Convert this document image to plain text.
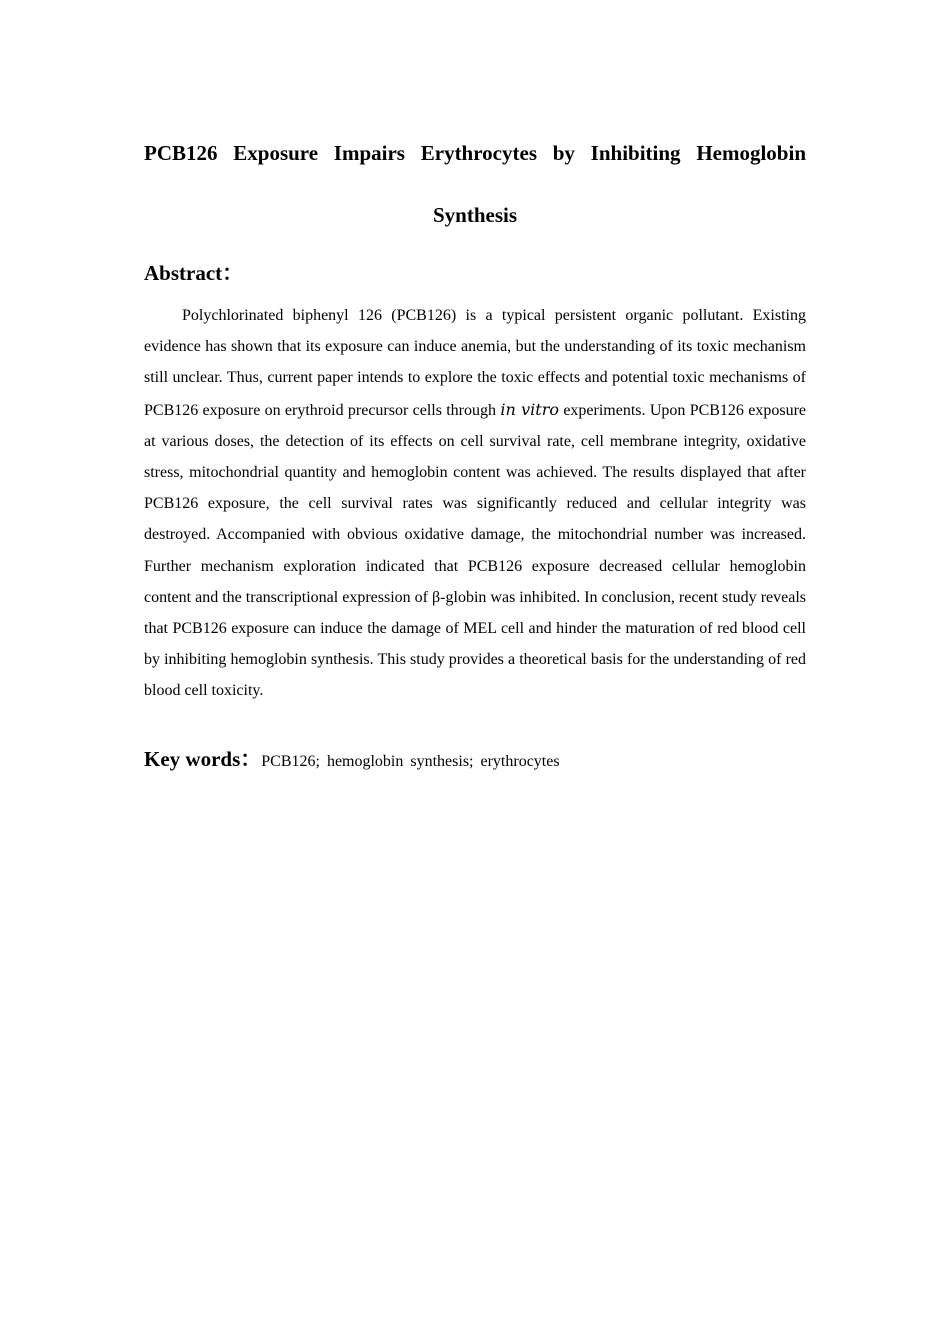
PCB126 Exposure Impairs Erythrocytes by Inhibiting Hemoglobin Synthesis
Abstract：

Polychlorinated biphenyl 126 (PCB126) is a typical persistent organic pollutant. Existing evidence has shown that its exposure can induce anemia, but the understanding of its toxic mechanism still unclear. Thus, current paper intends to explore the toxic effects and potential toxic mechanisms of PCB126 exposure on erythroid precursor cells through in vitro experiments. Upon PCB126 exposure at various doses, the detection of its effects on cell survival rate, cell membrane integrity, oxidative stress, mitochondrial quantity and hemoglobin content was achieved. The results displayed that after PCB126 exposure, the cell survival rates was significantly reduced and cellular integrity was destroyed. Accompanied with obvious oxidative damage, the mitochondrial number was increased. Further mechanism exploration indicated that PCB126 exposure decreased cellular hemoglobin content and the transcriptional expression of β-globin was inhibited. In conclusion, recent study reveals that PCB126 exposure can induce the damage of MEL cell and hinder the maturation of red blood cell by inhibiting hemoglobin synthesis. This study provides a theoretical basis for the understanding of red blood cell toxicity.

Key words：PCB126; hemoglobin synthesis; erythrocytes
